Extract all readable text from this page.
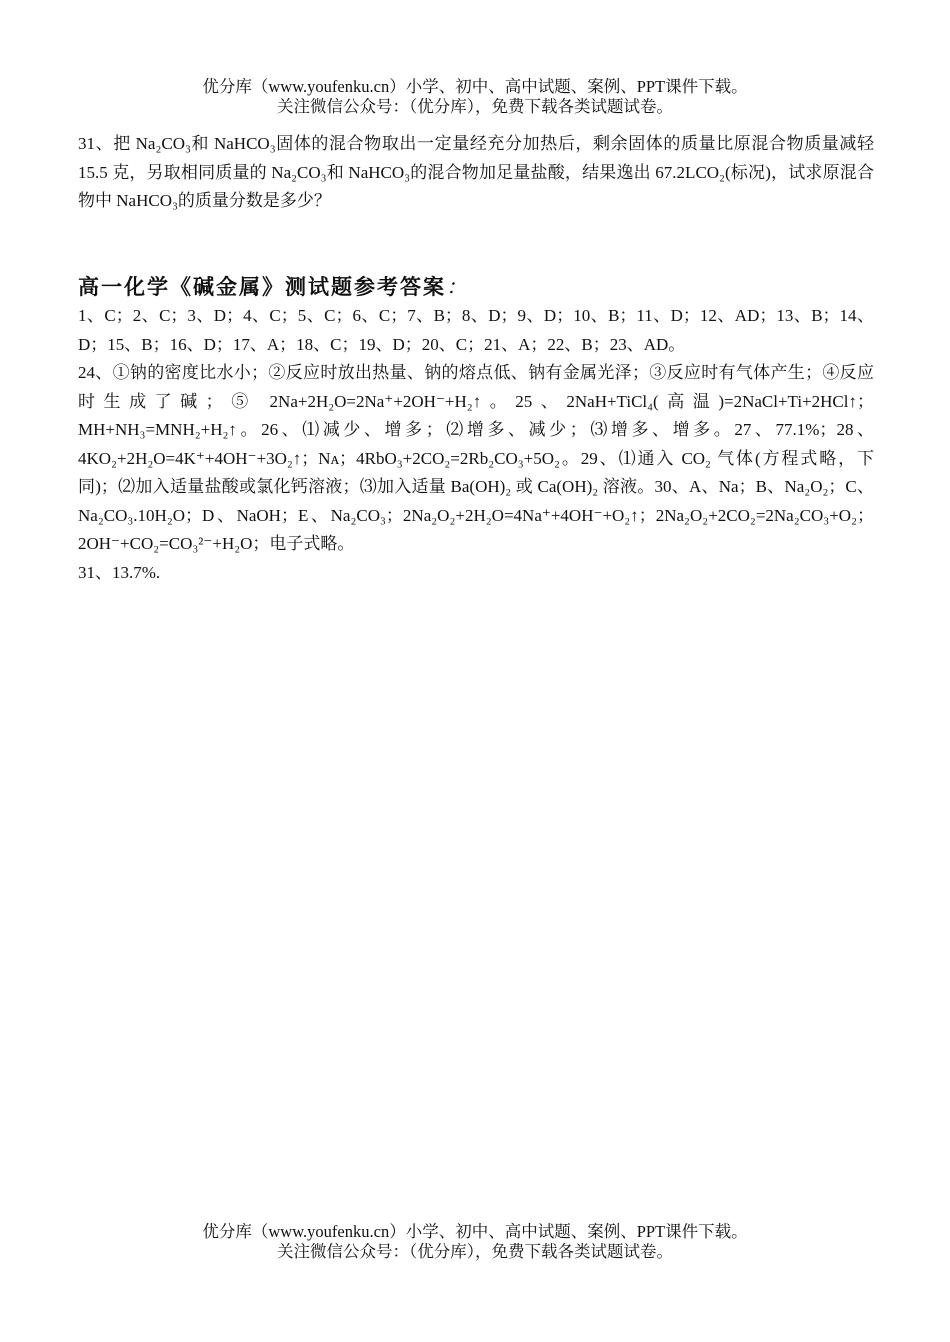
优分库（www.youfenku.cn）小学、初中、高中试题、案例、PPT课件下载。
关注微信公众号：（优分库），免费下载各类试题试卷。
31、把 Na₂CO₃和 NaHCO₃固体的混合物取出一定量经充分加热后，剩余固体的质量比原混合物质量减轻 15.5 克，另取相同质量的 Na₂CO₃和 NaHCO₃的混合物加足量盐酸，结果逸出 67.2LCO₂(标况)，试求原混合物中 NaHCO₃的质量分数是多少？
高一化学《碱金属》测试题参考答案：
1、C；2、C；3、D；4、C；5、C；6、C；7、B；8、D；9、D；10、B；11、D；12、AD；13、B；14、D；15、B；16、D；17、A；18、C；19、D；20、C；21、A；22、B；23、AD。
24、①钠的密度比水小；②反应时放出热量、钠的熔点低、钠有金属光泽；③反应时有气体产生；④反应时生成了碱；⑤ 2Na+2H₂O=2Na⁺+2OH⁻+H₂↑。25、2NaH+TiCl₄(高温)=2NaCl+Ti+2HCl↑；MH+NH₃=MNH₂+H₂↑。26、⑴减少、增多；⑵增多、减少；⑶增多、增多。27、77.1%；28、4KO₂+2H₂O=4K⁺+4OH⁻+3O₂↑；Nᴀ；4RbO₃+2CO₂=2Rb₂CO₃+5O₂。29、⑴通入 CO₂ 气体(方程式略，下同)；⑵加入适量盐酸或氯化钙溶液；⑶加入适量 Ba(OH)₂ 或 Ca(OH)₂ 溶液。30、A、Na；B、Na₂O₂；C、Na₂CO₃.10H₂O；D、NaOH；E、Na₂CO₃；2Na₂O₂+2H₂O=4Na⁺+4OH⁻+O₂↑；2Na₂O₂+2CO₂=2Na₂CO₃+O₂；2OH⁻+CO₂=CO₃²⁻+H₂O；电子式略。
31、13.7%.
优分库（www.youfenku.cn）小学、初中、高中试题、案例、PPT课件下载。
关注微信公众号：（优分库），免费下载各类试题试卷。
